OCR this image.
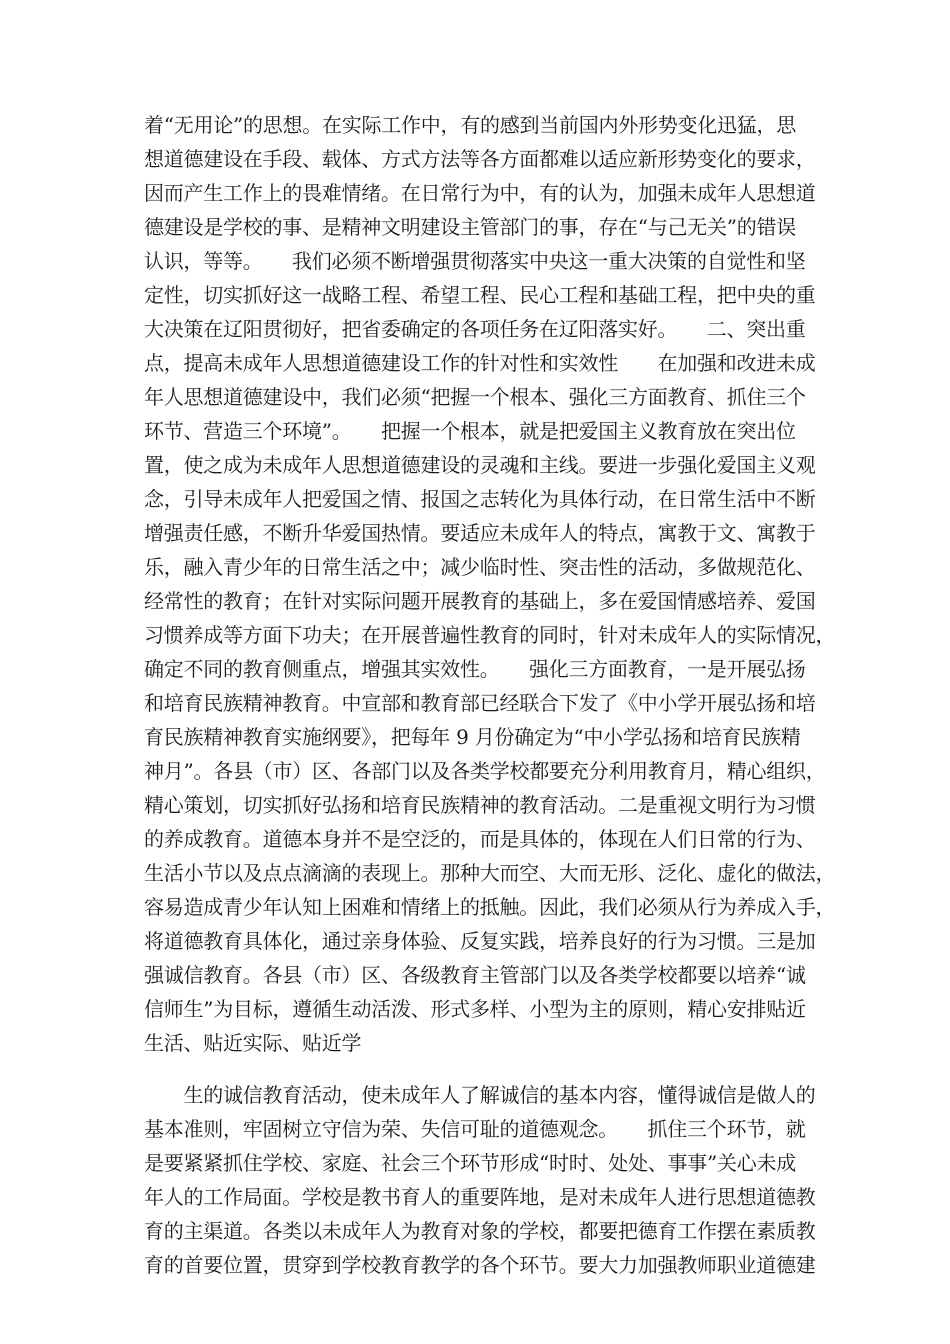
着“无用论”的思想。在实际工作中，有的感到当前国内外形势变化迅猛，思
想道德建设在手段、载体、方式方法等各方面都难以适应新形势变化的要求，
因而产生工作上的畏难情绪。在日常行为中，有的认为，加强未成年人思想道
德建设是学校的事、是精神文明建设主管部门的事，存在“与己无关”的错误
认识，等等。　　我们必须不断增强贯彻落实中央这一重大决策的自觉性和坚
定性，切实抓好这一战略工程、希望工程、民心工程和基础工程，把中央的重
大决策在辽阳贯彻好，把省委确定的各项任务在辽阳落实好。　　二、突出重
点，提高未成年人思想道德建设工作的针对性和实效性　　在加强和改进未成
年人思想道德建设中，我们必须“把握一个根本、强化三方面教育、抓住三个
环节、营造三个环境”。　　把握一个根本，就是把爱国主义教育放在突出位
置，使之成为未成年人思想道德建设的灵魂和主线。要进一步强化爱国主义观
念，引导未成年人把爱国之情、报国之志转化为具体行动，在日常生活中不断
增强责任感，不断升华爱国热情。要适应未成年人的特点，寓教于文、寓教于
乐，融入青少年的日常生活之中；减少临时性、突击性的活动，多做规范化、
经常性的教育；在针对实际问题开展教育的基础上，多在爱国情感培养、爱国
习惯养成等方面下功夫；在开展普遍性教育的同时，针对未成年人的实际情况，
确定不同的教育侧重点，增强其实效性。　　强化三方面教育，一是开展弘扬
和培育民族精神教育。中宣部和教育部已经联合下发了《中小学开展弘扬和培
育民族精神教育实施纲要》，把每年 9 月份确定为“中小学弘扬和培育民族精
神月”。各县（市）区、各部门以及各类学校都要充分利用教育月，精心组织，
精心策划，切实抓好弘扬和培育民族精神的教育活动。二是重视文明行为习惯
的养成教育。道德本身并不是空泛的，而是具体的，体现在人们日常的行为、
生活小节以及点点滴滴的表现上。那种大而空、大而无形、泛化、虚化的做法，
容易造成青少年认知上困难和情绪上的抵触。因此，我们必须从行为养成入手，
将道德教育具体化，通过亲身体验、反复实践，培养良好的行为习惯。三是加
强诚信教育。各县（市）区、各级教育主管部门以及各类学校都要以培养“诚
信师生”为目标，遵循生动活泼、形式多样、小型为主的原则，精心安排贴近
生活、贴近实际、贴近学
　　生的诚信教育活动，使未成年人了解诚信的基本内容，懂得诚信是做人的
基本准则，牢固树立守信为荣、失信可耻的道德观念。　　抓住三个环节，就
是要紧紧抓住学校、家庭、社会三个环节形成“时时、处处、事事”关心未成
年人的工作局面。学校是教书育人的重要阵地，是对未成年人进行思想道德教
育的主渠道。各类以未成年人为教育对象的学校，都要把德育工作摆在素质教
育的首要位置，贯穿到学校教育教学的各个环节。要大力加强教师职业道德建
